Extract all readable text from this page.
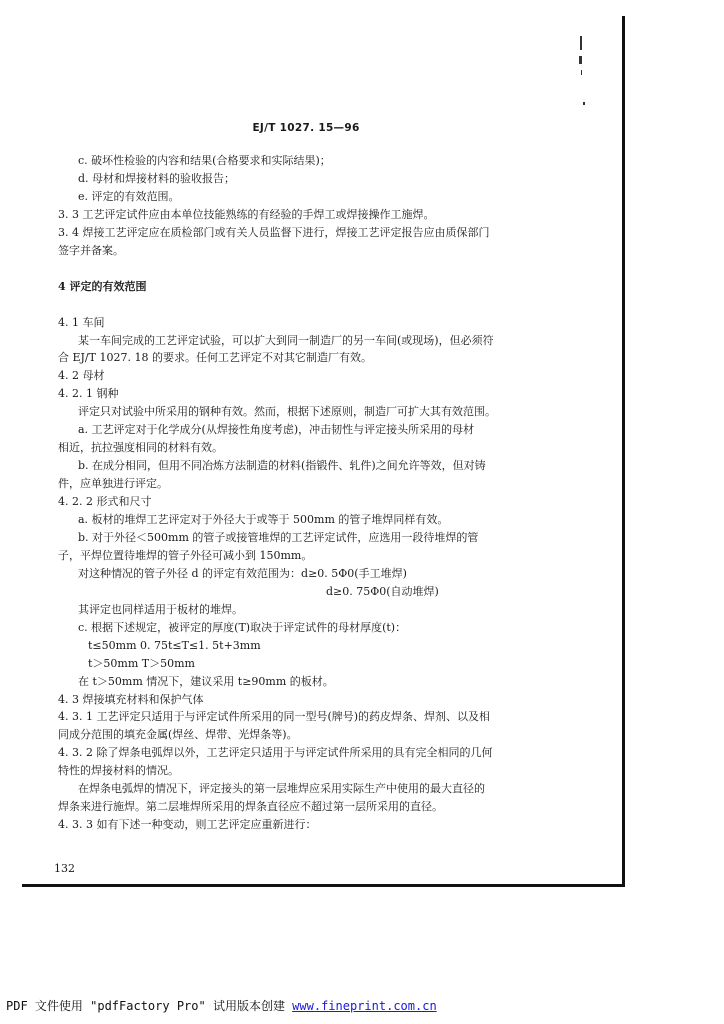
EJ/T 1027. 15—96
c. 破坏性检验的内容和结果(合格要求和实际结果)；
d. 母材和焊接材料的验收报告；
e. 评定的有效范围。
3. 3 工艺评定试件应由本单位技能熟练的有经验的手焊工或焊接操作工施焊。
3. 4 焊接工艺评定应在质检部门或有关人员监督下进行，焊接工艺评定报告应由质保部门
签字并备案。
4 评定的有效范围
4. 1 车间
某一车间完成的工艺评定试验，可以扩大到同一制造厂的另一车间(或现场)，但必须符
合 EJ/T 1027. 18 的要求。任何工艺评定不对其它制造厂有效。
4. 2 母材
4. 2. 1 钢种
评定只对试验中所采用的钢种有效。然而，根据下述原则，制造厂可扩大其有效范围。
a. 工艺评定对于化学成分(从焊接性角度考虑)，冲击韧性与评定接头所采用的母材
相近，抗拉强度相同的材料有效。
b. 在成分相同，但用不同冶炼方法制造的材料(指锻件、轧件)之间允许等效，但对铸
件，应单独进行评定。
4. 2. 2 形式和尺寸
a. 板材的堆焊工艺评定对于外径大于或等于 500mm 的管子堆焊同样有效。
b. 对于外径＜500mm 的管子或接管堆焊的工艺评定试件，应选用一段待堆焊的管
子，平焊位置待堆焊的管子外径可减小到 150mm。
对这种情况的管子外径 d 的评定有效范围为：d≥0. 5Φ0(手工堆焊)
d≥0. 75Φ0(自动堆焊)
其评定也同样适用于板材的堆焊。
c. 根据下述规定，被评定的厚度(T)取决于评定试件的母材厚度(t)：
t≤50mm 0. 75t≤T≤1. 5t+3mm
t＞50mm T＞50mm
在 t＞50mm 情况下，建议采用 t≥90mm 的板材。
4. 3 焊接填充材料和保护气体
4. 3. 1 工艺评定只适用于与评定试件所采用的同一型号(牌号)的药皮焊条、焊剂、以及相
同成分范围的填充金属(焊丝、焊带、光焊条等)。
4. 3. 2 除了焊条电弧焊以外，工艺评定只适用于与评定试件所采用的具有完全相同的几何
特性的焊接材料的情况。
在焊条电弧焊的情况下，评定接头的第一层堆焊应采用实际生产中使用的最大直径的
焊条来进行施焊。第二层堆焊所采用的焊条直径应不超过第一层所采用的直径。
4. 3. 3 如有下述一种变动，则工艺评定应重新进行：
132
PDF 文件使用 "pdfFactory Pro" 试用版本创建 www.fineprint.com.cn
